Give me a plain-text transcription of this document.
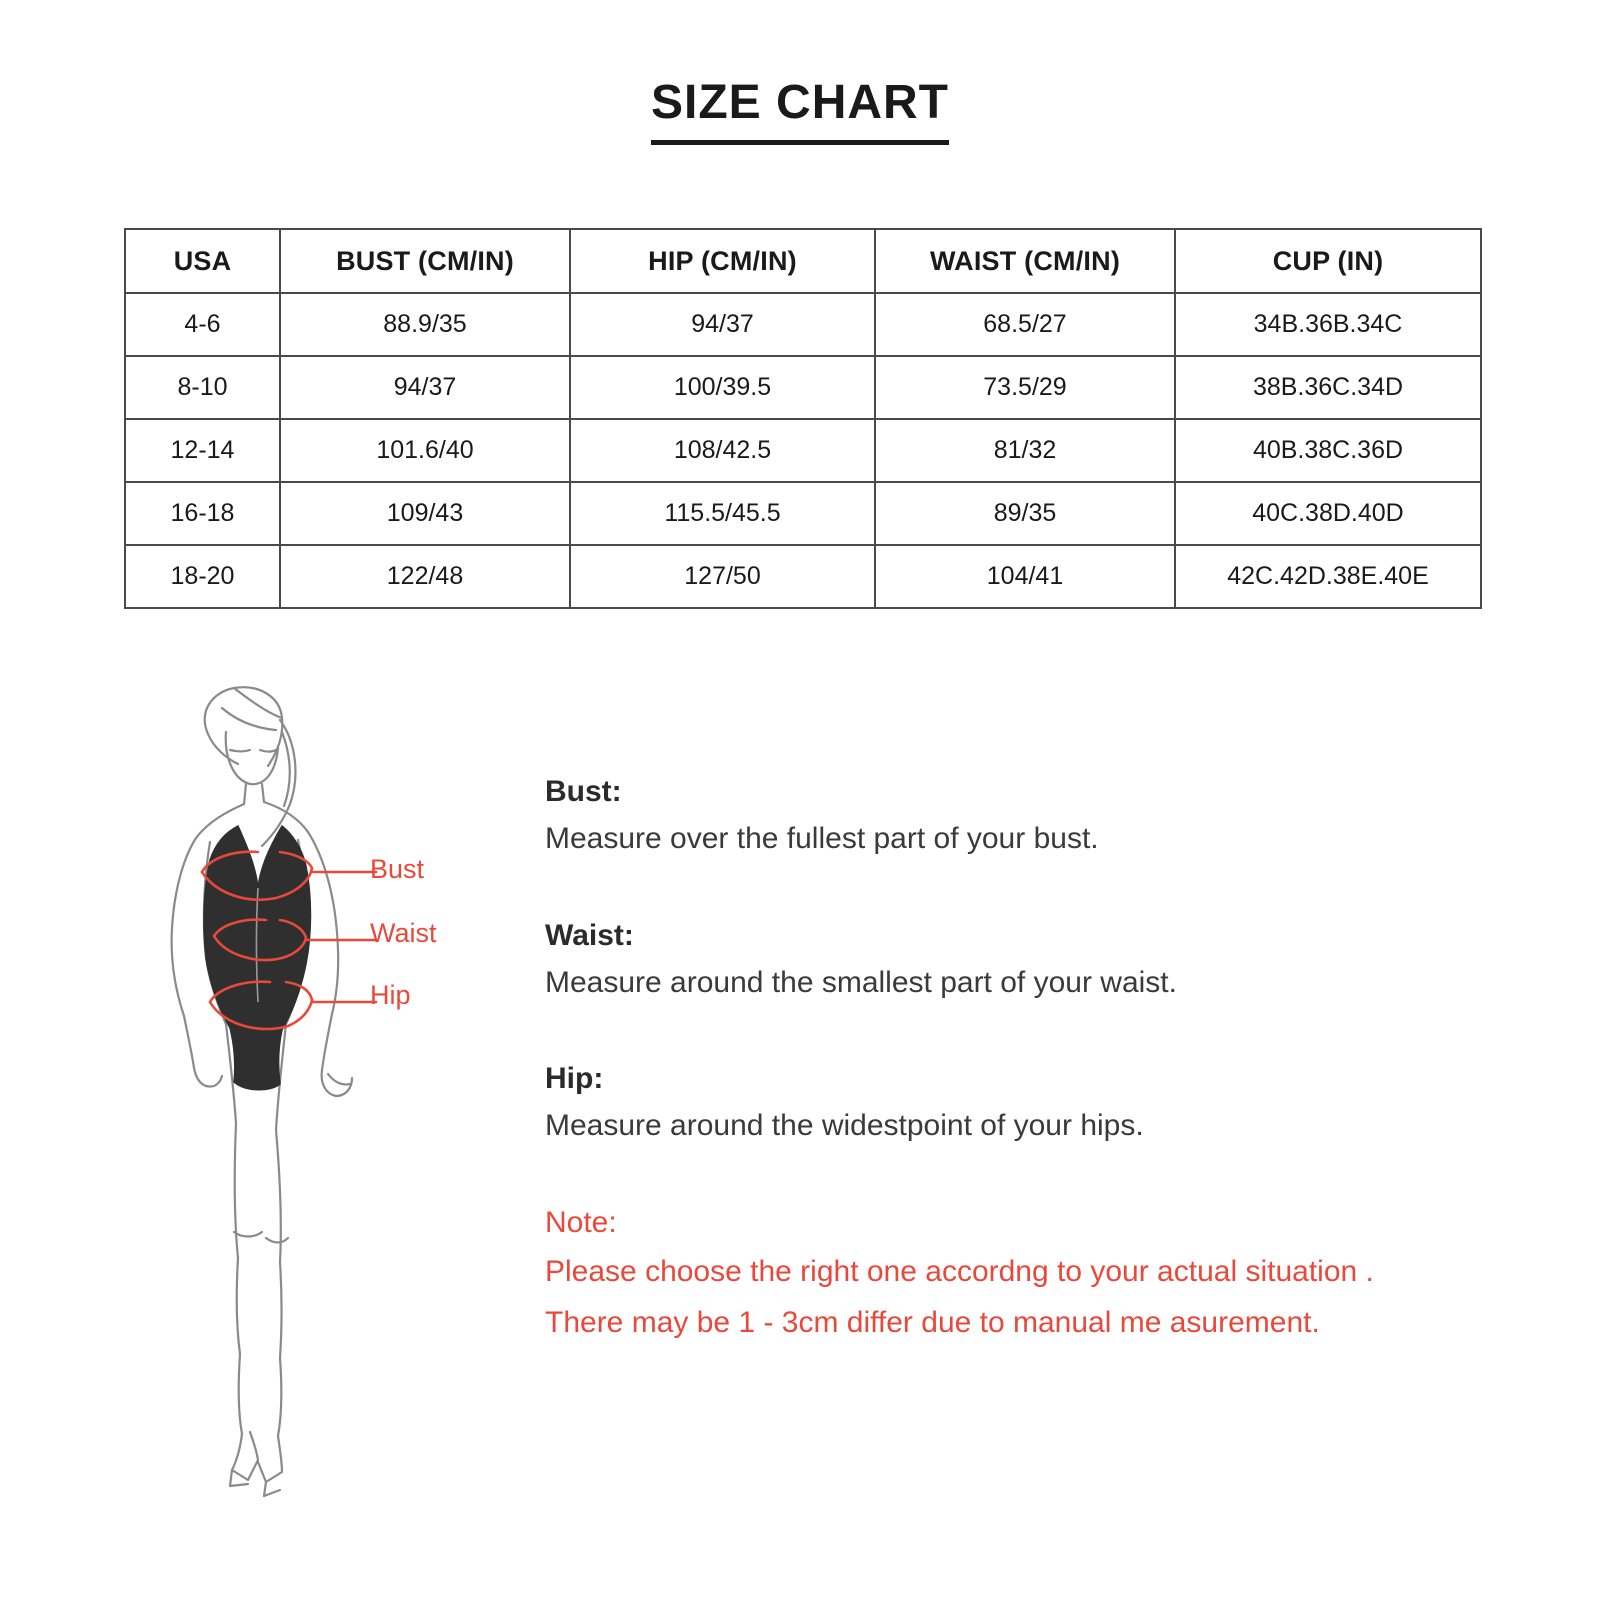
SIZE CHART
USA	BUST (CM/IN)	HIP (CM/IN)	WAIST (CM/IN)	CUP (IN)
4-6	88.9/35	94/37	68.5/27	34B.36B.34C
8-10	94/37	100/39.5	73.5/29	38B.36C.34D
12-14	101.6/40	108/42.5	81/32	40B.38C.36D
16-18	109/43	115.5/45.5	89/35	40C.38D.40D
18-20	122/48	127/50	104/41	42C.42D.38E.40E
Bust
Waist
Hip

Bust:

Measure over the fullest part of your bust.

Waist:

Measure around the smallest part of your waist.

Hip:

Measure around the widestpoint of your hips.

Note:

Please choose the right one accordng to your actual situation .

There may be 1 - 3cm differ due to manual me asurement.
